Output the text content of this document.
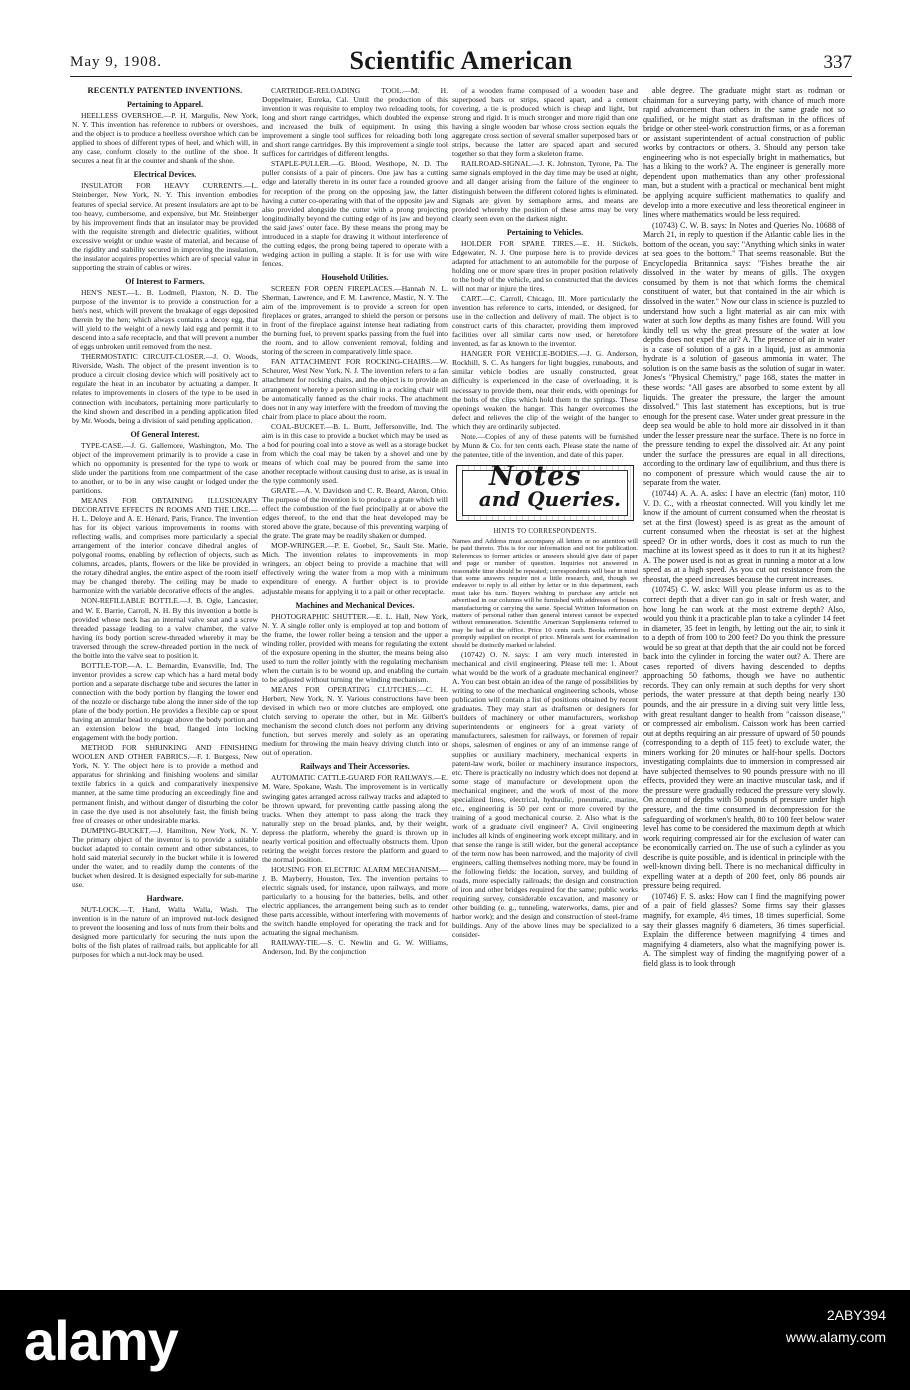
May 9, 1908.	Scientific American	337
RECENTLY PATENTED INVENTIONS.
Pertaining to Apparel.

HEELLESS OVERSHOE.—P. H. Margulis, New York, N. Y. This invention has reference to rubbers or overshoes, and the object is to produce a heelless overshoe which can be applied to shoes of different types of heel, and which will, in any case, conform closely to the outline of the shoe. It secures a neat fit at the counter and shank of the shoe.

Electrical Devices.

INSULATOR FOR HEAVY CURRENTS.—L. Steinberger, New York, N. Y. This invention embodies features of special service. At present insulators are apt to be too heavy, cumbersome, and expensive, but Mr. Steinberger by his improvement finds that an insulator may be provided with the requisite strength and dielectric qualities, without excessive weight or undue waste of material, and because of the rigidity and stability secured in improving the insulation, the insulator acquires properties which are of special value in supporting the strain of cables or wires.

Of Interest to Farmers.

HEN'S NEST.—L. B. Lodmell, Plaxton, N. D. The purpose of the inventor is to provide a construction for a hen's nest, which will prevent the breakage of eggs deposited therein by the hen; which always contains a decoy egg, that will yield to the weight of a newly laid egg and permit it to descend into a safe receptacle, and that will prevent a number of eggs unbroken until removed from the nest.

THERMOSTATIC CIRCUIT-CLOSER.—J. O. Woods, Riverside, Wash. The object of the present invention is to produce a circuit closing device which will positively act to regulate the heat in an incubator by actuating a damper. It relates to improvements in closers of the type to be used in connection with incubators, pertaining more particularly to the kind shown and described in a pending application filed by Mr. Woods, being a division of said pending application.

Of General Interest.

TYPE-CASE.—J. G. Gallemore, Washington, Mo. The object of the improvement primarily is to provide a case in which no opportunity is presented for the type to work or slide under the partitions from one compartment of the case to another, or to be in any wise caught or lodged under the partitions.

MEANS FOR OBTAINING ILLUSIONARY DECORATIVE EFFECTS IN ROOMS AND THE LIKE.—H. L. Deloye and A. E. Hénard, Paris, France. The invention has for its object various improvements in rooms with reflecting walls, and comprises more particularly a special arrangement of the interior concave dihedral angles of polygonal rooms, enabling by reflection of objects, such as columns, arcades, plants, flowers or the like be provided in the rotary dihedral angles, the entire aspect of the room itself may be changed thereby. The ceiling may be made to harmonize with the variable decorative effects of the angles.

NON-REFILLABLE BOTTLE.—J. B. Ogle, Lancaster, and W. E. Barrie, Carroll, N. H. By this invention a bottle is provided whose neck has an internal valve seat and a screw threaded passage leading to a valve chamber, the valve having its body portion screw-threaded whereby it may be traversed through the screw-threaded portion in the neck of the bottle into the valve seat to position it.

BOTTLE-TOP.—A. L. Bernardin, Evansville, Ind. The inventor provides a screw cap which has a hard metal body portion and a separate discharge tube and secures the latter in connection with the body portion by flanging the lower end of the nozzle or discharge tube along the inner side of the top plate of the body portion. He provides a flexible cap or spout having an annular bead to engage above the body portion and an extension below the bead, flanged into locking engagement with the body portion.

METHOD FOR SHRINKING AND FINISHING WOOLEN AND OTHER FABRICS.—F. I. Burgess, New York, N. Y. The object here is to provide a method and apparatus for shrinking and finishing woolens and similar textile fabrics in a quick and comparatively inexpensive manner, at the same time producing an exceedingly fine and permanent finish, and without danger of disturbing the color in case the dye used is not absolutely fast, the finish being free of creases or other undesirable marks.

DUMPING-BUCKET.—J. Hamilton, New York, N. Y. The primary object of the inventor is to provide a suitable bucket adapted to contain cement and other substances, to hold said material securely in the bucket while it is lowered under the water, and to readily dump the contents of the bucket when desired. It is designed especially for sub-marine use.

Hardware.

NUT-LOCK.—T. Hand, Walla Walla, Wash. The invention is in the nature of an improved nut-lock designed to prevent the loosening and loss of nuts from their bolts and designed more particularly for securing the nuts upon the bolts of the fish plates of railroad rails, but applicable for all purposes for which a nut-lock may be used.

CARTRIDGE-RELOADING TOOL.—M. H. Doppelmaier, Eureka, Cal. Until the production of this invention it was requisite to employ two reloading tools, for long and short range cartridges, which doubled the expense and increased the bulk of equipment. In using this improvement a single tool suffices for reloading both long and short range cartridges. By this improvement a single tool suffices for cartridges of different lengths.

STAPLE-PULLER.—G. Blood, Westhope, N. D. The puller consists of a pair of pincers. One jaw has a cutting edge and laterally thereto in its outer face a rounded groove for reception of the prong on the opposing jaw, the latter having a cutter co-operating with that of the opposite jaw and also provided alongside the cutter with a prong projecting longitudinally beyond the cutting edge of its jaw and beyond the said jaws' outer face. By these means the prong may be introduced in a staple for drawing it without interference of the cutting edges, the prong being tapered to operate with a wedging action in pulling a staple. It is for use with wire fences.

Household Utilities.

SCREEN FOR OPEN FIREPLACES.—Hannah N. L. Sherman, Lawrence, and F. M. Lawrence, Mastic, N. Y. The aim of the improvement is to provide a screen for open fireplaces or grates, arranged to shield the person or persons in front of the fireplace against intense heat radiating from the burning fuel, to prevent sparks passing from the fuel into the room, and to allow convenient removal, folding and storing of the screen in comparatively little space.

FAN ATTACHMENT FOR ROCKING-CHAIRS.—W. Scheurer, West New York, N. J. The invention refers to a fan attachment for rocking chairs, and the object is to provide an arrangement whereby a person sitting in a rocking chair will be automatically fanned as the chair rocks. The attachment does not in any way interfere with the freedom of moving the chair from place to place about the room.

COAL-BUCKET.—B. L. Burtt, Jeffersonville, Ind. The aim is in this case to provide a bucket which may be used as a hod for pouring coal into a stove as well as a storage bucket from which the coal may be taken by a shovel and one by means of which coal may be poured from the same into another receptacle without causing dust to arise, as is usual in the type commonly used.

GRATE.—A. V. Davidson and C. R. Beard, Akron, Ohio. The purpose of the invention is to produce a grate which will effect the combustion of the fuel principally at or above the edges thereof, to the end that the heat developed may be stored above the grate, because of this preventing warping of the grate. The grate may be readily shaken or dumped.

MOP-WRINGER.—P. E. Goebel, Sr., Sault Ste. Marie, Mich. The invention relates to improvements in mop wringers, an object being to provide a machine that will effectively wring the water from a mop with a minimum expenditure of energy. A further object is to provide adjustable means for applying it to a pail or other receptacle.

Machines and Mechanical Devices.

PHOTOGRAPHIC SHUTTER.—E. L. Hall, New York, N. Y. A single roller only is employed at top and bottom of the frame, the lower roller being a tension and the upper a winding roller, provided with means for regulating the extent of the exposure opening in the shutter, the means being also used to turn the roller jointly with the regulating mechanism when the curtain is to be wound up, and enabling the curtain to be adjusted without turning the winding mechanism.

MEANS FOR OPERATING CLUTCHES.—C. H. Herbert, New York, N. Y. Various constructions have been devised in which two or more clutches are employed, one clutch serving to operate the other, but in Mr. Gilbert's mechanism the second clutch does not perform any driving function, but serves merely and solely as an operating medium for throwing the main heavy driving clutch into or out of operation.

Railways and Their Accessories.

AUTOMATIC CATTLE-GUARD FOR RAILWAYS.—E. M. Ware, Spokane, Wash. The improvement is in vertically swinging gates arranged across railway tracks and adapted to be thrown upward, for preventing cattle passing along the tracks. When they attempt to pass along the track they naturally step on the broad planks, and, by their weight, depress the platform, whereby the guard is thrown up in nearly vertical position and effectually obstructs them. Upon retiring the weight forces restore the platform and guard to the normal position.

HOUSING FOR ELECTRIC ALARM MECHANISM.—J. B. Mayberry, Houston, Tex. The invention pertains to electric signals used, for instance, upon railways, and more particularly to a housing for the batteries, bells, and other electric appliances, the arrangement being such as to render these parts accessible, without interfering with movements of the switch handle employed for operating the track and for actuating the signal mechanism.

RAILWAY-TIE.—S. C. Newlin and G. W. Williams, Anderson, Ind. By the conjunction

of a wooden frame composed of a wooden base and superposed bars or strips, spaced apart, and a cement covering, a tie is produced which is cheap and light, but strong and rigid. It is much stronger and more rigid than one having a single wooden bar whose cross section equals the aggregate cross section of several smaller superposed bars or strips, because the latter are spaced apart and secured together so that they form a skeleton frame.

RAILROAD-SIGNAL.—J. K. Johnston, Tyrone, Pa. The same signals employed in the day time may be used at night, and all danger arising from the failure of the engineer to distinguish between the different colored lights is eliminated. Signals are given by semaphore arms, and means are provided whereby the position of these arms may be very clearly seen even on the darkest night.

Pertaining to Vehicles.

HOLDER FOR SPARE TIRES.—E. H. Stickels, Edgewater, N. J. One purpose here is to provide devices adapted for attachment to an automobile for the purpose of holding one or more spare tires in proper position relatively to the body of the vehicle, and so constructed that the devices will not mar or injure the tires.

CART.—C. Carroll, Chicago, Ill. More particularly the invention has reference to carts, intended, or designed, for use in the collection and delivery of mail. The object is to construct carts of this character, providing them improved facilities over all similar carts now used, or heretofore invented, as far as known to the inventor.

HANGER FOR VEHICLE-BODIES.—J. G. Anderson, Rockhill, S. C. As hangers for light buggies, runabouts, and similar vehicle bodies are usually constructed, great difficulty is experienced in the case of overloading, it is necessary to provide them, near their ends, with openings for the bolts of the clips which hold them to the springs. These openings weaken the hanger. This hanger overcomes the defect and relieves the clip of the weight of the hanger to which they are ordinarily subjected.

Note.—Copies of any of these patents will be furnished by Munn & Co. for ten cents each. Please state the name of the patentee, title of the invention, and date of this paper.

Notes
and Queries.
HINTS TO CORRESPONDENTS.

Names and Address must accompany all letters or no attention will be paid thereto. This is for our information and not for publication. References to former articles or answers should give date of paper and page or number of question. Inquiries not answered in reasonable time should be repeated; correspondents will bear in mind that some answers require not a little research, and, though we endeavor to reply to all either by letter or in this department, each must take his turn. Buyers wishing to purchase any article not advertised in our columns will be furnished with addresses of houses manufacturing or carrying the same. Special Written Information on matters of personal rather than general interest cannot be expected without remuneration. Scientific American Supplements referred to may be had at the office. Price 10 cents each. Books referred to promptly supplied on receipt of price. Minerals sent for examination should be distinctly marked or labeled.

(10742) O. N. says: I am very much interested in mechanical and civil engineering. Please tell me: 1. About what would be the work of a graduate mechanical engineer? A. You can best obtain an idea of the range of possibilities by writing to one of the mechanical engineering schools, whose publication will contain a list of positions obtained by recent graduates. They may start as draftsmen or designers for builders of machinery or other manufacturers, workshop superintendents or engineers for a great variety of manufacturers, salesmen for railways, or foremen of repair shops, salesmen of engines or any of an immense range of supplies or auxiliary machinery, mechanical experts in patent-law work, boiler or machinery insurance inspectors, etc. There is practically no industry which does not depend at some stage of manufacture or development upon the mechanical engineer, and the work of most of the more specialized lines, electrical, hydraulic, pneumatic, marine, etc., engineering is 50 per cent or more covered by the training of a good mechanical course. 2. Also what is the work of a graduate civil engineer? A. Civil engineering includes all kinds of engineering work except military, and in that sense the range is still wider, but the general acceptance of the term now has been narrowed, and the majority of civil engineers, calling themselves nothing more, may be found in the following fields: the location, survey, and building of roads, more especially railroads; the design and construction of iron and other bridges required for the same; public works requiring survey, considerable excavation, and masonry or other building (e. g., tunneling, waterworks, dams, pier and harbor work); and the design and construction of steel-frame buildings. Any of the above lines may be specialized to a consider-

able degree. The graduate might start as rodman or chainman for a surveying party, with chance of much more rapid advancement than others in the same grade not so qualified, or he might start as draftsman in the offices of bridge or other steel-work construction firms, or as a foreman or assistant superintendent of actual construction of public works by contractors or others. 3. Should any person take engineering who is not especially bright in mathematics, but has a liking to the work? A. The engineer is generally more dependent upon mathematics than any other professional man, but a student with a practical or mechanical bent might be applying acquire sufficient mathematics to qualify and develop into a more executive and less theoretical engineer in lines where mathematics would be less required.

(10743) C. W. B. says: In Notes and Queries No. 10688 of March 21, in reply to question if the Atlantic cable lies in the bottom of the ocean, you say: "Anything which sinks in water at sea goes to the bottom." That seems reasonable. But the Encyclopedia Britannica says: "Fishes breathe the air dissolved in the water by means of gills. The oxygen consumed by them is not that which forms the chemical constituent of water, but that contained in the air which is dissolved in the water." Now our class in science is puzzled to understand how such a light material as air can mix with water at such low depths as many fishes are found. Will you kindly tell us why the great pressure of the water at low depths does not expel the air? A. The presence of air in water is a case of solution of a gas in a liquid, just as ammonia hydrate is a solution of gaseous ammonia in water. The solution is on the same basis as the solution of sugar in water. Jones's "Physical Chemistry," page 168, states the matter in these words: "All gases are absorbed to some extent by all liquids. The greater the pressure, the larger the amount dissolved." This last statement has exceptions, but is true enough for the present case. Water under great pressure in the deep sea would be able to hold more air dissolved in it than under the lesser pressure near the surface. There is no force in the pressure tending to expel the dissolved air. At any point under the surface the pressures are equal in all directions, according to the ordinary law of equilibrium, and thus there is no component of pressure which would cause the air to separate from the water.

(10744) A. A. A. asks: I have an electric (fan) motor, 110 V. D. C., with a rheostat connected. Will you kindly let me know if the amount of current consumed when the rheostat is set at the first (lowest) speed is as great as the amount of current consumed when the rheostat is set at the highest speed? Or in other words, does it cost as much to run the machine at its lowest speed as it does to run it at its highest? A. The power used is not as great in running a motor at a low speed as at a high speed. As you cut out resistance from the rheostat, the speed increases because the current increases.

(10745) C. W. asks: Will you please inform us as to the correct depth that a diver can go in salt or fresh water, and how long he can work at the most extreme depth? Also, would you think it a practicable plan to take a cylinder 14 feet in diameter, 35 feet in length, by letting out the air, to sink it to a depth of from 100 to 200 feet? Do you think the pressure would be so great at that depth that the air could not be forced back into the cylinder in forcing the water out? A. There are cases reported of divers having descended to depths approaching 50 fathoms, though we have no authentic records. They can only remain at such depths for very short periods, the water pressure at that depth being nearly 130 pounds, and the air pressure in a diving suit very little less, with great resultant danger to health from "caisson disease," or compressed air embolism. Caisson work has been carried out at depths requiring an air pressure of upward of 50 pounds (corresponding to a depth of 115 feet) to exclude water, the miners working for 20 minutes or half-hour spells. Doctors investigating complaints due to immersion in compressed air have subjected themselves to 90 pounds pressure with no ill effects, provided they were an inactive muscular task, and if the pressure were gradually reduced the pressure very slowly. On account of depths with 50 pounds of pressure under high pressure, and the time consumed in decompression for the safeguarding of workmen's health, 80 to 100 feet below water level has come to be considered the maximum depth at which work requiring compressed air for the exclusion of water can be economically carried on. The use of such a cylinder as you describe is quite possible, and is identical in principle with the well-known diving bell. There is no mechanical difficulty in expelling water at a depth of 200 feet, only 86 pounds air pressure being required.

(10746) F. S. asks: How can I find the magnifying power of a pair of field glasses? Some firms say their glasses magnify, for example, 4½ times, 18 times superficial. Some say their glasses magnify 6 diameters, 36 times superficial. Explain the difference between magnifying 4 times and magnifying 4 diameters, also what the magnifying power is. A. The simplest way of finding the magnifying power of a field glass is to look through

alamy	2ABY394
www.alamy.com
